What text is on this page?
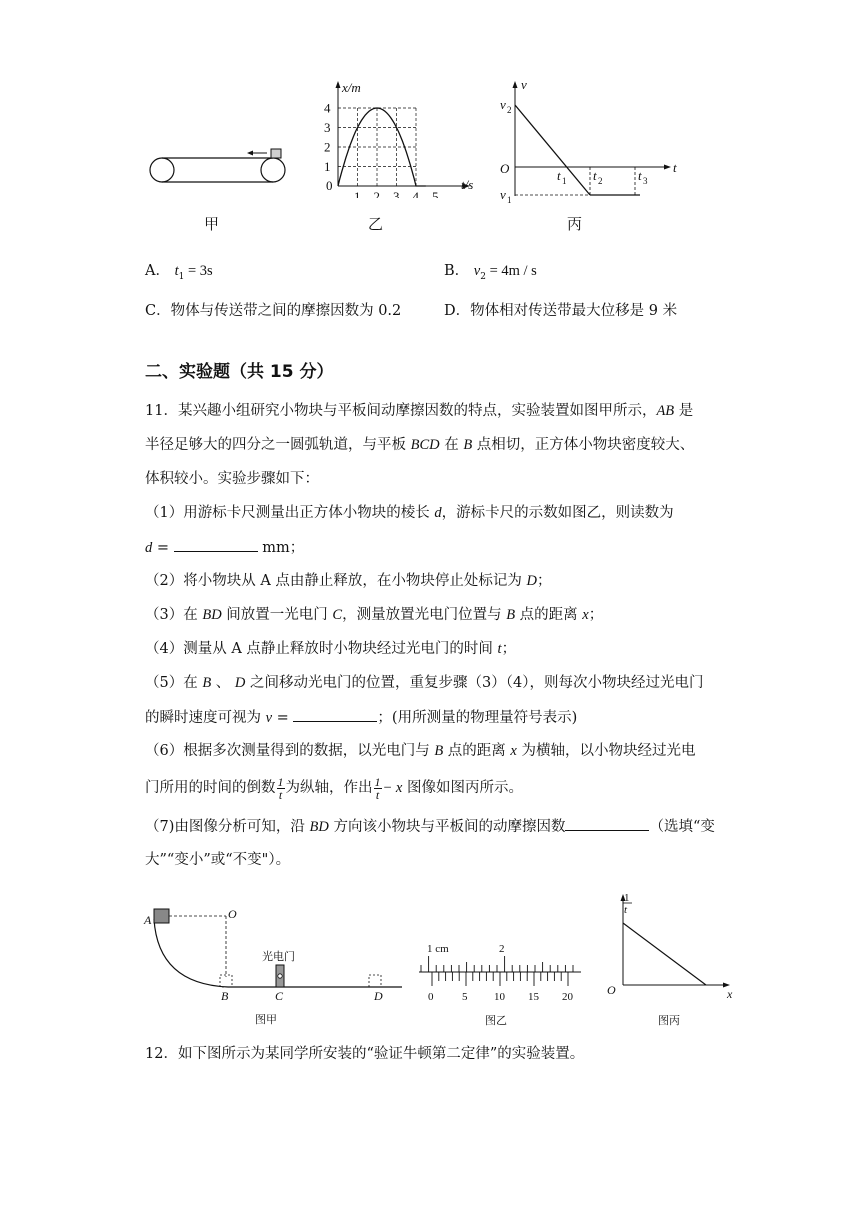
甲
0
1 2 3 4 5
1
2
3
4
x/m
t/s
乙
v
t
O
v 2
v 1
t 1 t 2	t 3
丙
A． $t_1 = 3s$	B． $v_2 = 4m / s$
C．物体与传送带之间的摩擦因数为 0.2	D．物体相对传送带最大位移是 9 米
二、实验题（共 15 分）
11．某兴趣小组研究小物块与平板间动摩擦因数的特点，实验装置如图甲所示，AB 是
半径足够大的四分之一圆弧轨道，与平板 BCD 在 B 点相切，正方体小物块密度较大、
体积较小。实验步骤如下：
（1）用游标卡尺测量出正方体小物块的棱长 d，游标卡尺的示数如图乙，则读数为
d =	mm；
（2）将小物块从 A 点由静止释放，在小物块停止处标记为 D；
（3）在 BD 间放置一光电门 C，测量放置光电门位置与 B 点的距离 x；
（4）测量从 A 点静止释放时小物块经过光电门的时间 t；
（5）在 B 、 D 之间移动光电门的位置，重复步骤（3）（4），则每次小物块经过光电门
的瞬时速度可视为 v =	；(用所测量的物理量符号表示)
（6）根据多次测量得到的数据，以光电门与 B 点的距离 x 为横轴，以小物块经过光电
门所用的时间的倒数 $\frac{1}{t}$ 为纵轴，作出 $\frac{1}{t} - x$ 图像如图丙所示。
（7)由图像分析可知，沿 BD 方向该小物块与平板间的动摩擦因数	（选填“变
大”“变小”或“不变"）。
A	O
B	C	D
光电门
图甲
1 cm	2
0	5 10 15 20
图乙
1
t
O	x
图丙
12．如下图所示为某同学所安装的“验证牛顿第二定律”的实验装置。
